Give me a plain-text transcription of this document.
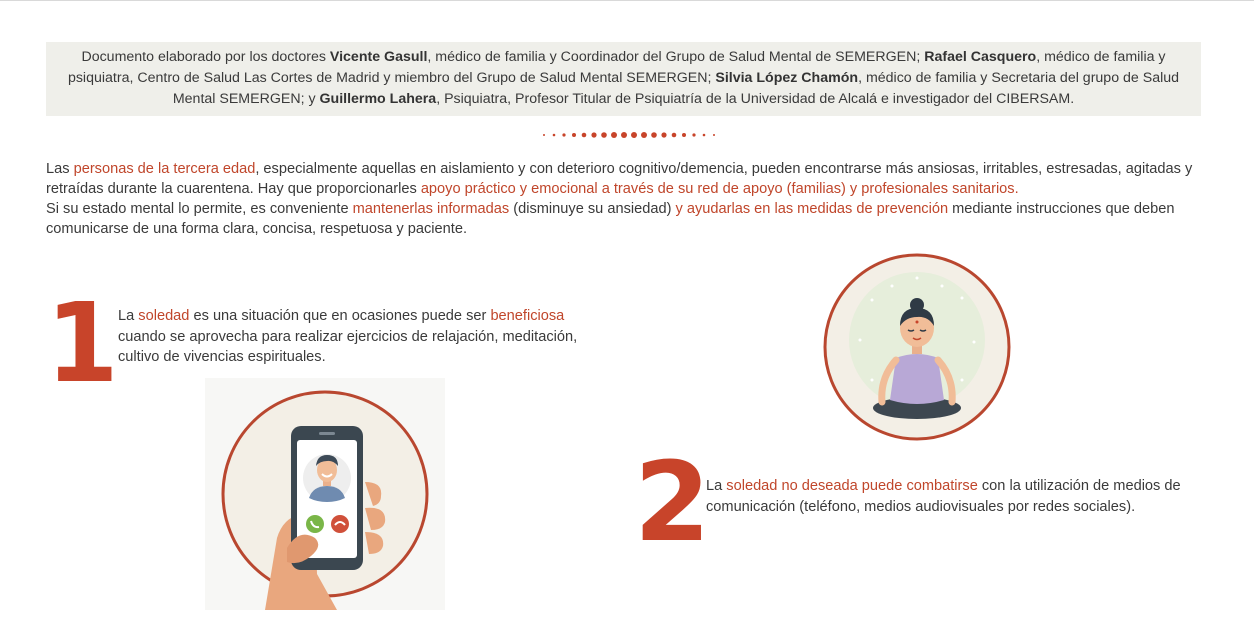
Documento elaborado por los doctores Vicente Gasull, médico de familia y Coordinador del Grupo de Salud Mental de SEMERGEN; Rafael Casquero, médico de familia y psiquiatra, Centro de Salud Las Cortes de Madrid y miembro del Grupo de Salud Mental SEMERGEN; Silvia López Chamón, médico de familia y Secretaria del grupo de Salud Mental SEMERGEN; y Guillermo Lahera, Psiquiatra, Profesor Titular de Psiquiatría de la Universidad de Alcalá e investigador del CIBERSAM.
Las personas de la tercera edad, especialmente aquellas en aislamiento y con deterioro cognitivo/demencia, pueden encontrarse más ansiosas, irritables, estresadas, agitadas y retraídas durante la cuarentena. Hay que proporcionarles apoyo práctico y emocional a través de su red de apoyo (familias) y profesionales sanitarios.
Si su estado mental lo permite, es conveniente mantenerlas informadas (disminuye su ansiedad) y ayudarlas en las medidas de prevención mediante instrucciones que deben comunicarse de una forma clara, concisa, respetuosa y paciente.
1 La soledad es una situación que en ocasiones puede ser beneficiosa
cuando se aprovecha para realizar ejercicios de relajación, meditación, cultivo de vivencias espirituales.
2 La soledad no deseada puede combatirse con la utilización de medios de comunicación (teléfono, medios audiovisuales por redes sociales).
